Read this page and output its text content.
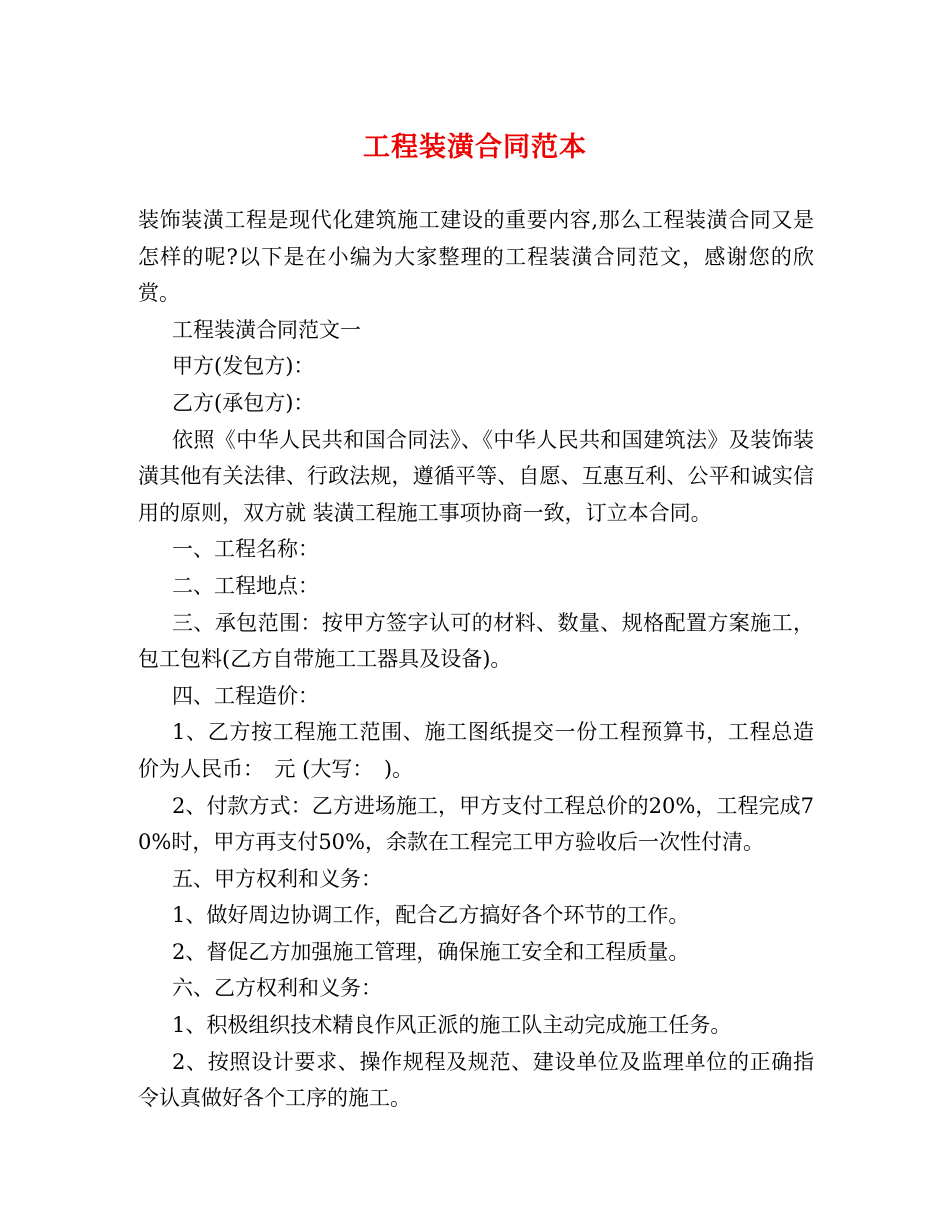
工程装潢合同范本

装饰装潢工程是现代化建筑施工建设的重要内容,那么工程装潢合同又是怎样的呢?以下是在小编为大家整理的工程装潢合同范文，感谢您的欣赏。

工程装潢合同范文一

甲方(发包方)：

乙方(承包方)：

依照《中华人民共和国合同法》、《中华人民共和国建筑法》及装饰装潢其他有关法律、行政法规，遵循平等、自愿、互惠互利、公平和诚实信用的原则，双方就 装潢工程施工事项协商一致，订立本合同。

一、工程名称：

二、工程地点：

三、承包范围：按甲方签字认可的材料、数量、规格配置方案施工，包工包料(乙方自带施工工器具及设备)。

四、工程造价：

1、乙方按工程施工范围、施工图纸提交一份工程预算书，工程总造价为人民币：　元 (大写：　)。

2、付款方式：乙方进场施工，甲方支付工程总价的20%，工程完成70%时，甲方再支付50%，余款在工程完工甲方验收后一次性付清。

五、甲方权利和义务：

1、做好周边协调工作，配合乙方搞好各个环节的工作。

2、督促乙方加强施工管理，确保施工安全和工程质量。

六、乙方权利和义务：

1、积极组织技术精良作风正派的施工队主动完成施工任务。

2、按照设计要求、操作规程及规范、建设单位及监理单位的正确指令认真做好各个工序的施工。
